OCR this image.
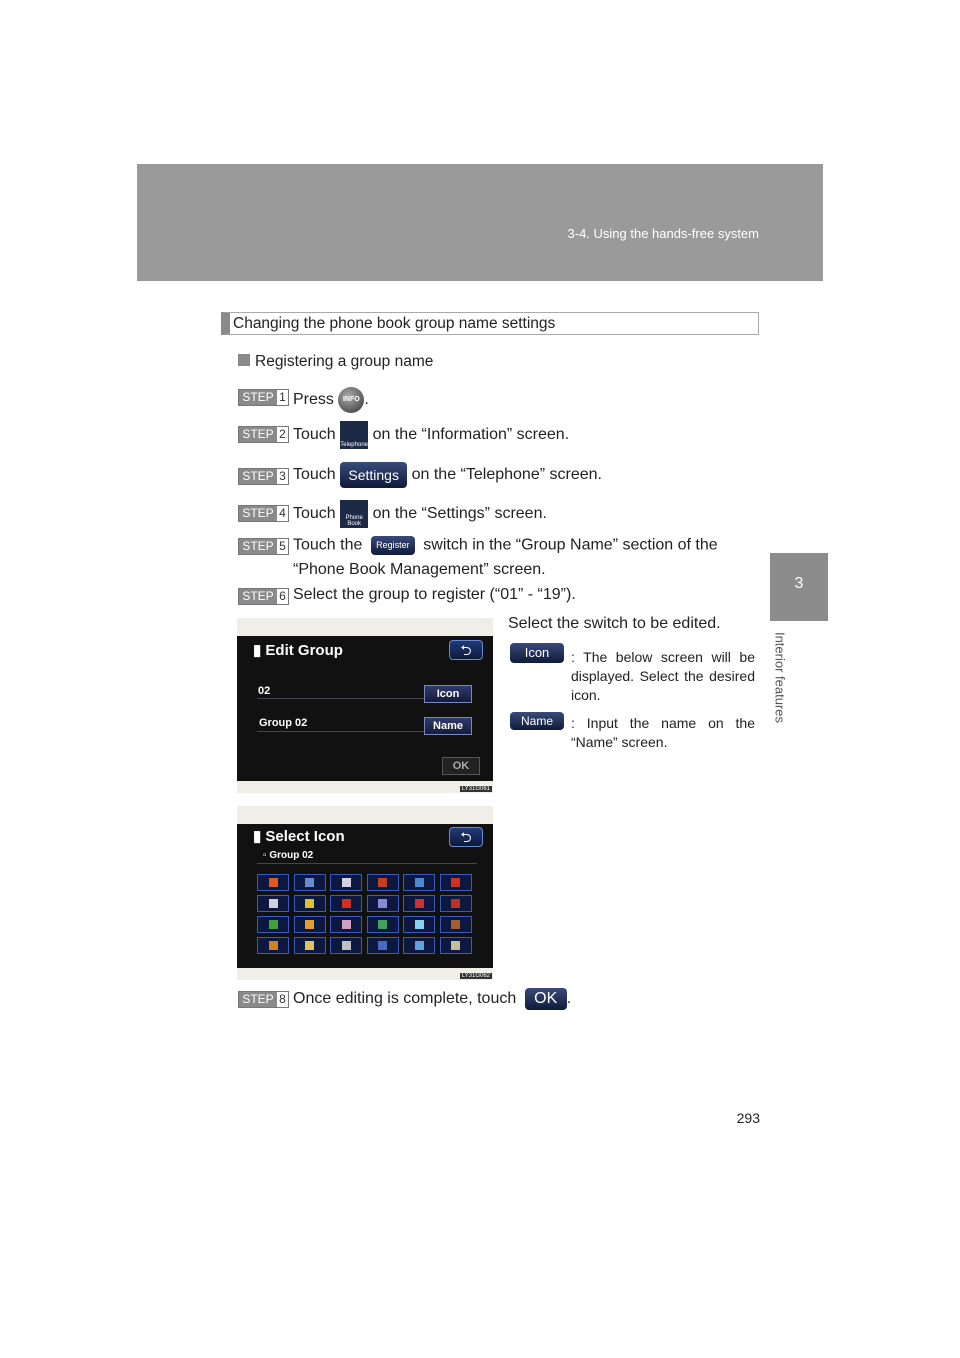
3-4. Using the hands-free system
3
Interior features
Changing the phone book group name settings
Registering a group name
STEP 1 Press INFO .
STEP 2 Touch
Telephone
on the “Information” screen.
STEP 3 Touch Settings on the “Telephone” screen.
STEP 4 Touch	Phone Book
on the “Settings” screen.
STEP 5 Touch the Register switch in the “Group Name” section of the
“Phone Book Management” screen.
STEP 6 Select the group to register (“01” - “19”).
Select the switch to be edited.
▮ Edit Group	⮌
02	Icon
Group 02	Name
OK
LY31G061
Icon	: The below screen will be displayed. Select the desired icon.
Name	: Input the name on the “Name” screen.
▮ Select Icon	⮌
▫ Group 02
LY31G062
STEP 8 Once editing is complete, touch OK .
293
